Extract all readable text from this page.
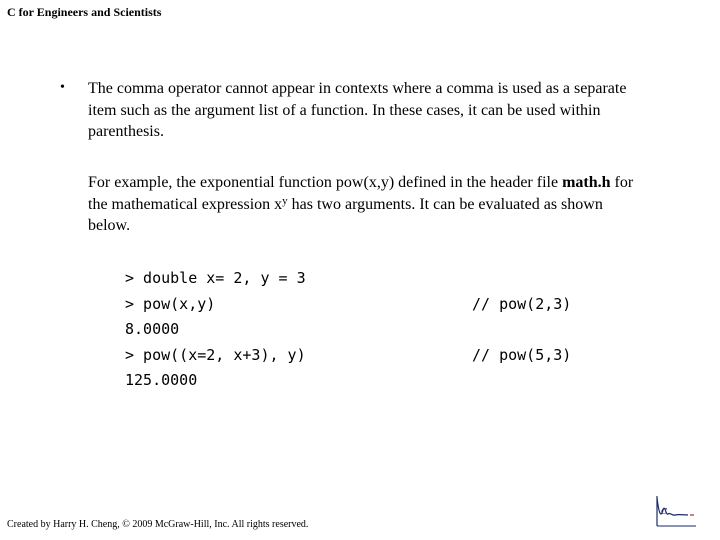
C for Engineers and Scientists
• The comma operator cannot appear in contexts where a comma is used as a separate item such as the argument list of a function. In these cases, it can be used within parenthesis.

For example, the exponential function pow(x,y) defined in the header file math.h for the mathematical expression $x^y$ has two arguments. It can be evaluated as shown below.

> double x= 2, y = 3
> pow(x,y)
8.0000
> pow((x=2, x+3), y)
125.0000
// pow(2,3)
// pow(5,3)
Created by Harry H. Cheng, © 2009 McGraw-Hill, Inc. All rights reserved.
C
